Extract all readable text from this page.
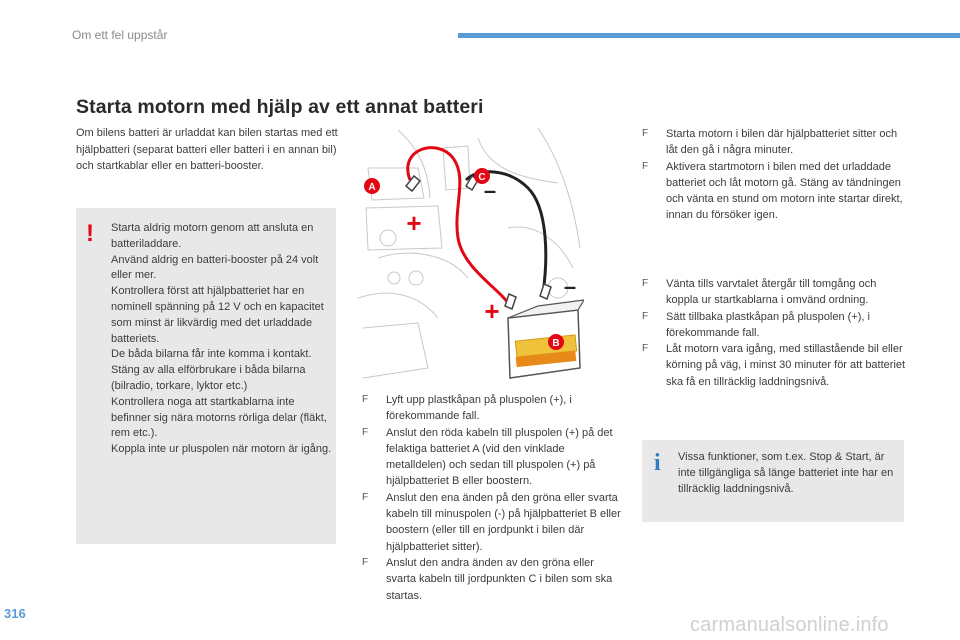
Om ett fel uppstår
Starta motorn med hjälp av ett annat batteri

Om bilens batteri är urladdat kan bilen startas med ett hjälpbatteri (separat batteri eller batteri i en annan bil) och startkablar eller en batteri-booster.

! Starta aldrig motorn genom att ansluta en batteriladdare.
Använd aldrig en batteri-booster på 24 volt eller mer.
Kontrollera först att hjälpbatteriet har en nominell spänning på 12 V och en kapacitet som minst är likvärdig med det urladdade batteriets.
De båda bilarna får inte komma i kontakt.
Stäng av alla elförbrukare i båda bilarna (bilradio, torkare, lyktor etc.)
Kontrollera noga att startkablarna inte befinner sig nära motorns rörliga delar (fläkt, rem etc.).
Koppla inte ur pluspolen när motorn är igång.
A
B
C
+
–
+
–
F Lyft upp plastkåpan på pluspolen (+), i förekommande fall.
F Anslut den röda kabeln till pluspolen (+) på det felaktiga batteriet A (vid den vinklade metalldelen) och sedan till pluspolen (+) på hjälpbatteriet B eller boostern.
F Anslut den ena änden på den gröna eller svarta kabeln till minuspolen (-) på hjälpbatteriet B eller boostern (eller till en jordpunkt i bilen där hjälpbatteriet sitter).
F Anslut den andra änden av den gröna eller svarta kabeln till jordpunkten C i bilen som ska startas.
F Starta motorn i bilen där hjälpbatteriet sitter och låt den gå i några minuter.
F Aktivera startmotorn i bilen med det urladdade batteriet och låt motorn gå. Stäng av tändningen och vänta en stund om motorn inte startar direkt, innan du försöker igen.
F Vänta tills varvtalet återgår till tomgång och koppla ur startkablarna i omvänd ordning.
F Sätt tillbaka plastkåpan på pluspolen (+), i förekommande fall.
F Låt motorn vara igång, med stillastående bil eller körning på väg, i minst 30 minuter för att batteriet ska få en tillräcklig laddningsnivå.
i Vissa funktioner, som t.ex. Stop & Start, är inte tillgängliga så länge batteriet inte har en tillräcklig laddningsnivå.
316
carmanualsonline.info
